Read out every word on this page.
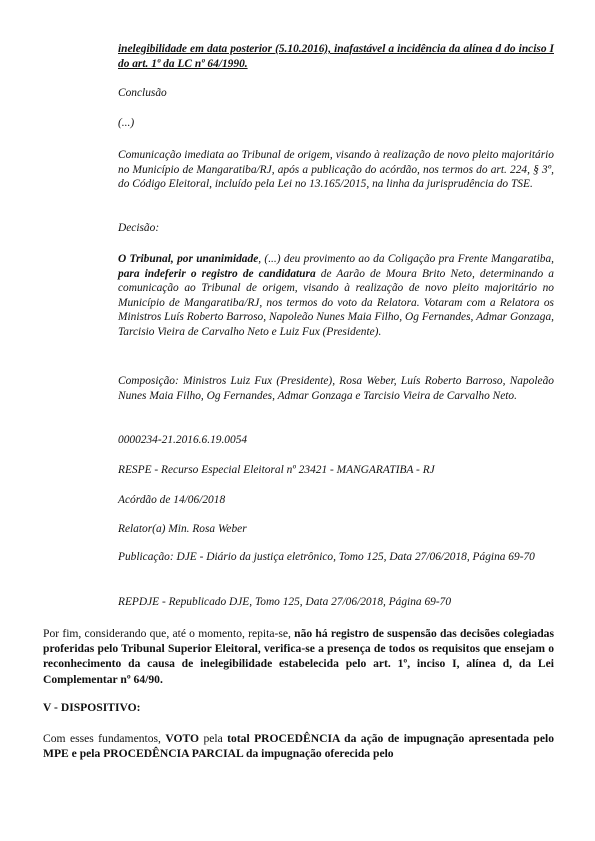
inelegibilidade em data posterior (5.10.2016), inafastável a incidência da alínea d do inciso I do art. 1º da LC nº 64/1990.

Conclusão

(...)

Comunicação imediata ao Tribunal de origem, visando à realização de novo pleito majoritário no Município de Mangaratiba/RJ, após a publicação do acórdão, nos termos do art. 224, § 3º, do Código Eleitoral, incluído pela Lei no 13.165/2015, na linha da jurisprudência do TSE.

Decisão:

O Tribunal, por unanimidade, (...) deu provimento ao da Coligação pra Frente Mangaratiba, para indeferir o registro de candidatura de Aarão de Moura Brito Neto, determinando a comunicação ao Tribunal de origem, visando à realização de novo pleito majoritário no Município de Mangaratiba/RJ, nos termos do voto da Relatora. Votaram com a Relatora os Ministros Luís Roberto Barroso, Napoleão Nunes Maia Filho, Og Fernandes, Admar Gonzaga, Tarcisio Vieira de Carvalho Neto e Luiz Fux (Presidente).

Composição: Ministros Luiz Fux (Presidente), Rosa Weber, Luís Roberto Barroso, Napoleão Nunes Maia Filho, Og Fernandes, Admar Gonzaga e Tarcisio Vieira de Carvalho Neto.

0000234-21.2016.6.19.0054

RESPE - Recurso Especial Eleitoral nº 23421 - MANGARATIBA - RJ

Acórdão de 14/06/2018

Relator(a) Min. Rosa Weber

Publicação: DJE - Diário da justiça eletrônico, Tomo 125, Data 27/06/2018, Página 69-70

REPDJE - Republicado DJE, Tomo 125, Data 27/06/2018, Página 69-70

Por fim, considerando que, até o momento, repita-se, não há registro de suspensão das decisões colegiadas proferidas pelo Tribunal Superior Eleitoral, verifica-se a presença de todos os requisitos que ensejam o reconhecimento da causa de inelegibilidade estabelecida pelo art. 1º, inciso I, alínea d, da Lei Complementar nº 64/90.

V - DISPOSITIVO:

Com esses fundamentos, VOTO pela total PROCEDÊNCIA da ação de impugnação apresentada pelo MPE e pela PROCEDÊNCIA PARCIAL da impugnação oferecida pelo
